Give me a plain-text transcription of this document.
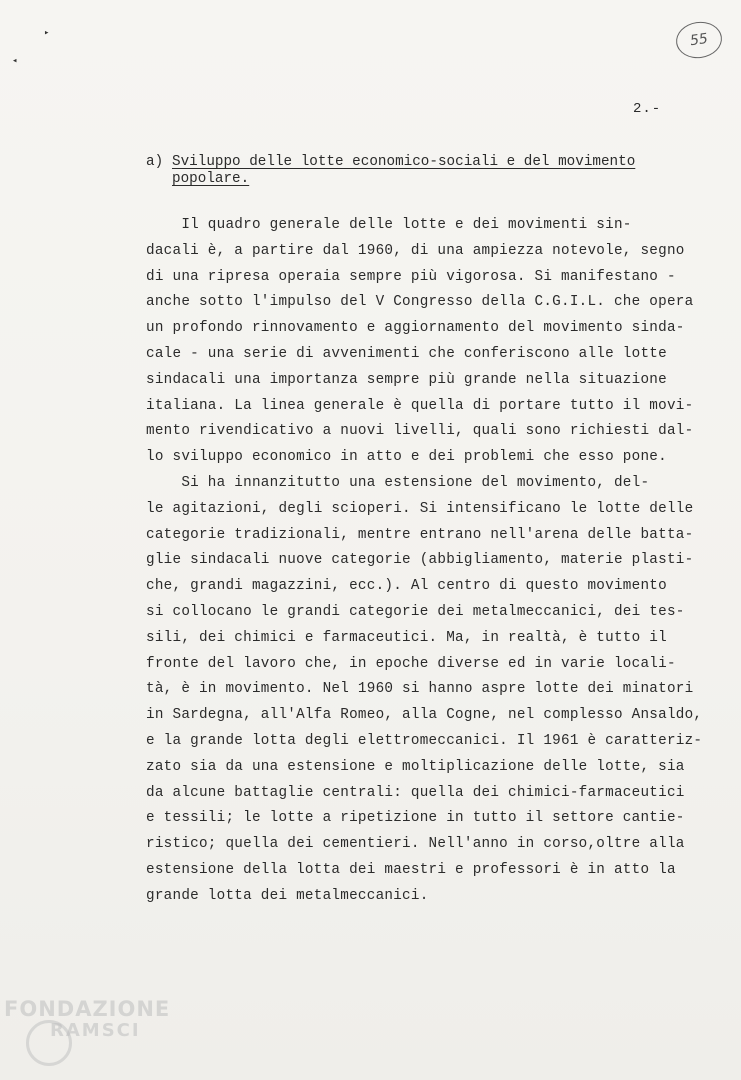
▸
◂
55
2.-
a) Sviluppo delle lotte economico-sociali e del movimento
popolare.
Il quadro generale delle lotte e dei movimenti sin-
dacali è, a partire dal 1960, di una ampiezza notevole, segno
di una ripresa operaia sempre più vigorosa. Si manifestano -
anche sotto l'impulso del V Congresso della C.G.I.L. che opera
un profondo rinnovamento e aggiornamento del movimento sinda-
cale - una serie di avvenimenti che conferiscono alle lotte
sindacali una importanza sempre più grande nella situazione
italiana. La linea generale è quella di portare tutto il movi-
mento rivendicativo a nuovi livelli, quali sono richiesti dal-
lo sviluppo economico in atto e dei problemi che esso pone.
Si ha innanzitutto una estensione del movimento, del-
le agitazioni, degli scioperi. Si intensificano le lotte delle
categorie tradizionali, mentre entrano nell'arena delle batta-
glie sindacali nuove categorie (abbigliamento, materie plasti-
che, grandi magazzini, ecc.). Al centro di questo movimento
si collocano le grandi categorie dei metalmeccanici, dei tes-
sili, dei chimici e farmaceutici. Ma, in realtà, è tutto il
fronte del lavoro che, in epoche diverse ed in varie locali-
tà, è in movimento. Nel 1960 si hanno aspre lotte dei minatori
in Sardegna, all'Alfa Romeo, alla Cogne, nel complesso Ansaldo,
e la grande lotta degli elettromeccanici. Il 1961 è caratteriz-
zato sia da una estensione e moltiplicazione delle lotte, sia
da alcune battaglie centrali: quella dei chimici-farmaceutici
e tessili; le lotte a ripetizione in tutto il settore cantie-
ristico; quella dei cementieri. Nell'anno in corso,oltre alla
estensione della lotta dei maestri e professori è in atto la
grande lotta dei metalmeccanici.
FONDAZIONE
RAMSCI
